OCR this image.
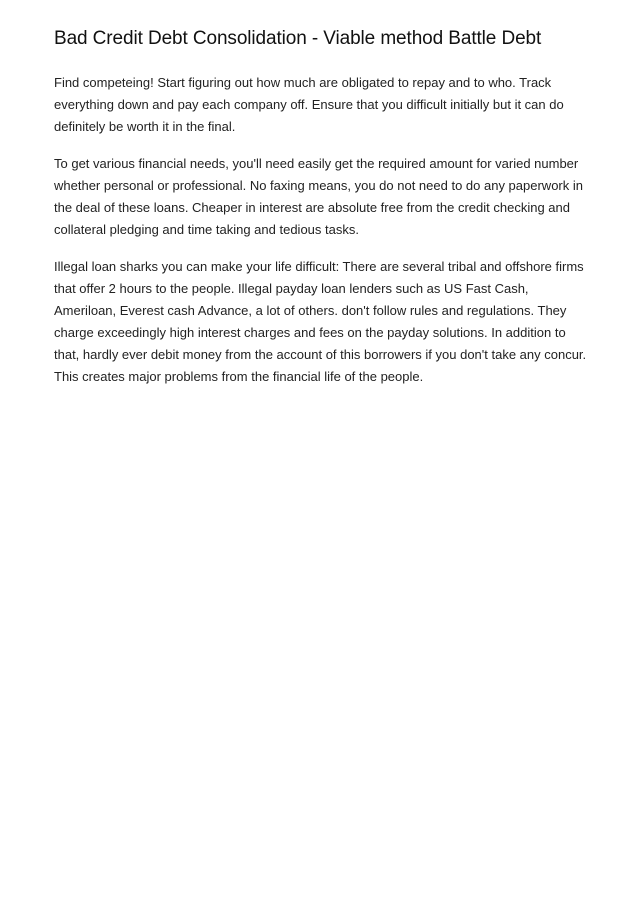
Bad Credit Debt Consolidation - Viable method Battle Debt

Find competeing! Start figuring out how much are obligated to repay and to who. Track
everything down and pay each company off. Ensure that you difficult initially but it can do
definitely be worth it in the final.

To get various financial needs, you'll need easily get the required amount for varied number
whether personal or professional. No faxing means, you do not need to do any paperwork in
the deal of these loans. Cheaper in interest are absolute free from the credit checking and
collateral pledging and time taking and tedious tasks.

Illegal loan sharks you can make your life difficult: There are several tribal and offshore firms
that offer 2 hours to the people. Illegal payday loan lenders such as US Fast Cash,
Ameriloan, Everest cash Advance, a lot of others. don't follow rules and regulations. They
charge exceedingly high interest charges and fees on the payday solutions. In addition to
that, hardly ever debit money from the account of this borrowers if you don't take any concur.
This creates major problems from the financial life of the people.
